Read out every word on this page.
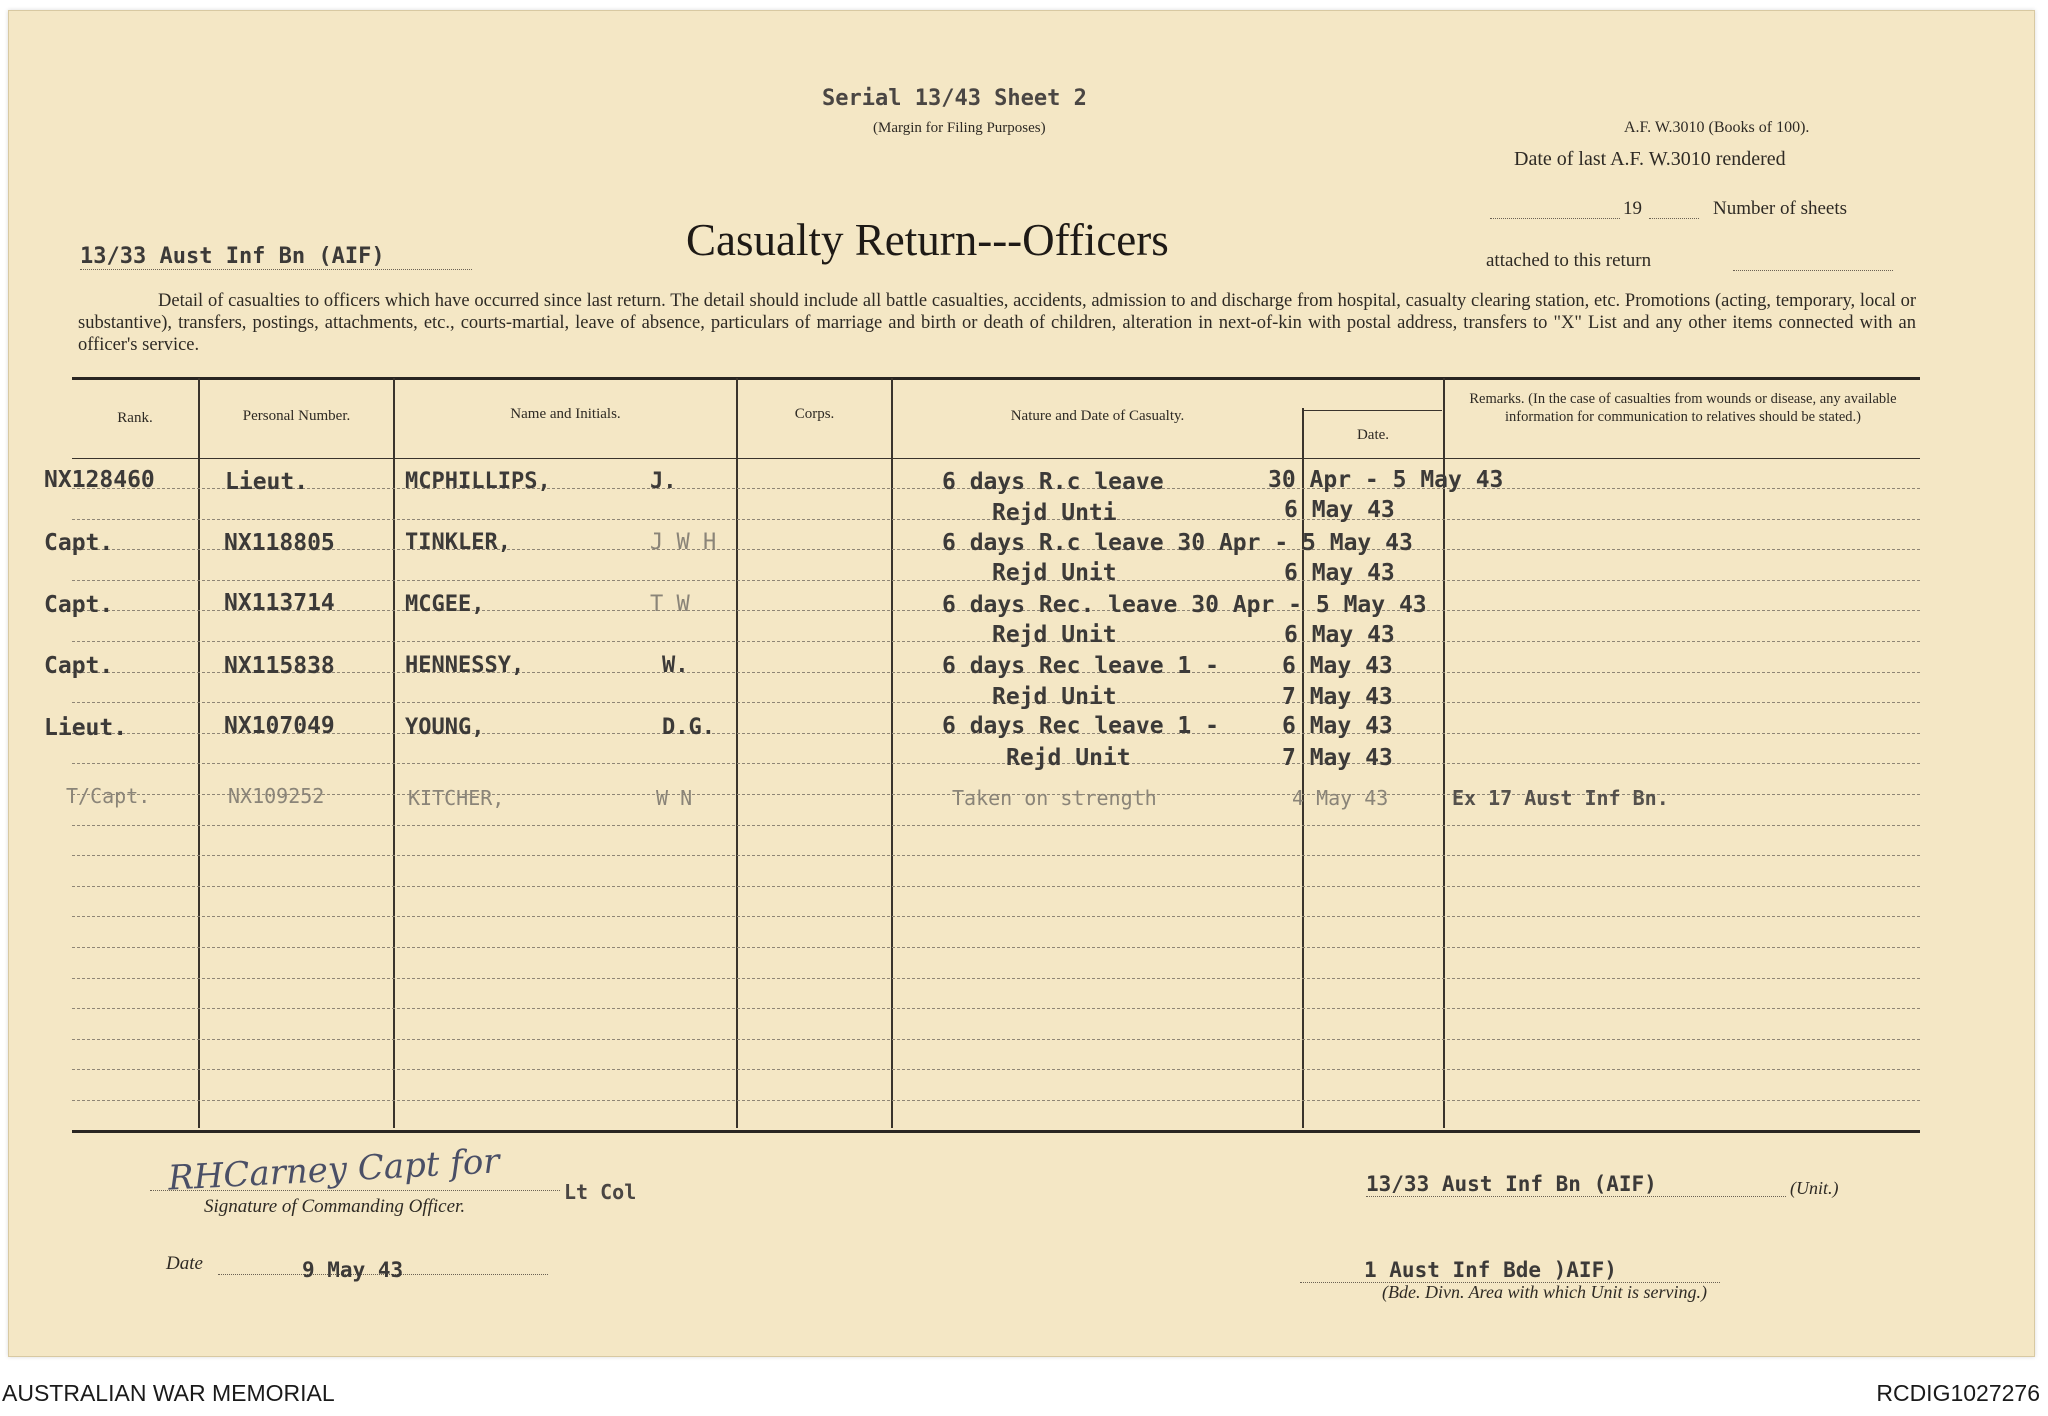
Serial 13/43 Sheet 2
(Margin for Filing Purposes)	A.F. W.3010 (Books of 100).
Date of last A.F. W.3010 rendered
19	Number of sheets
attached to this return
Casualty Return---Officers
13/33 Aust Inf Bn (AIF)
Detail of casualties to officers which have occurred since last return. The detail should include all battle casualties, accidents, admission to and discharge from hospital, casualty clearing station, etc. Promotions (acting, temporary, local or substantive), transfers, postings, attachments, etc., courts-martial, leave of absence, particulars of marriage and birth or death of children, alteration in next-of-kin with postal address, transfers to "X" List and any other items connected with an officer's service.
Rank.	Personal Number.	Name and Initials.	Corps.	Nature and Date of Casualty.
Date.
Remarks. (In the case of casualties from wounds or disease, any available information for communication to relatives should be stated.)
NX128460	Lieut.	MCPHILLIPS,	J.	6 days R.c leave	30 Apr - 5 May 43
Rejd Unti	6 May 43
Capt.	NX118805	TINKLER,	J W H	6 days R.c leave 30 Apr - 5 May 43
Rejd Unit	6 May 43
Capt.	NX113714	MCGEE,	T W	6 days Rec. leave 30 Apr - 5 May 43
Rejd Unit	6 May 43
Capt.	NX115838	HENNESSY,	W.	6 days Rec leave 1 -	6 May 43
Rejd Unit	7 May 43
Lieut.	NX107049	YOUNG,	D.G.	6 days Rec leave 1 -	6 May 43
Rejd Unit	7 May 43
T/Capt.	NX109252	KITCHER,	W N	Taken on strength	4 May 43	Ex 17 Aust Inf Bn.
RHCarney Capt for
Signature of Commanding Officer.
Lt Col
Date	9 May 43
13/33 Aust Inf Bn (AIF)	(Unit.)
1 Aust Inf Bde )AIF)
(Bde. Divn. Area with which Unit is serving.)
AUSTRALIAN WAR MEMORIAL	RCDIG1027276
